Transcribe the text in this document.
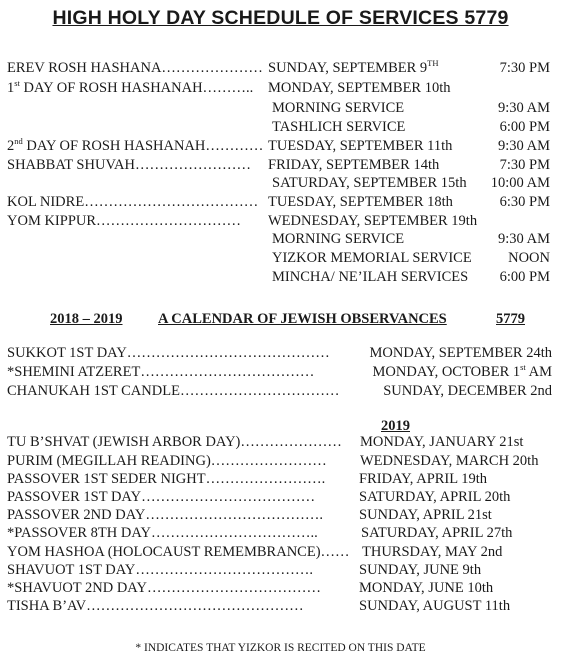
HIGH HOLY DAY SCHEDULE OF SERVICES 5779
EREV ROSH HASHANA………………… SUNDAY, SEPTEMBER 9TH	7:30 PM
1st DAY OF ROSH HASHANAH……….. MONDAY, SEPTEMBER 10th
MORNING SERVICE	9:30 AM
TASHLICH SERVICE	6:00 PM
2nd DAY OF ROSH HASHANAH………… TUESDAY, SEPTEMBER 11th	9:30 AM
SHABBAT SHUVAH…………………… FRIDAY, SEPTEMBER 14th	7:30 PM
SATURDAY, SEPTEMBER 15th 10:00 AM
KOL NIDRE……………………………… TUESDAY, SEPTEMBER 18th	6:30 PM
YOM KIPPUR………………………… WEDNESDAY, SEPTEMBER 19th
MORNING SERVICE	9:30 AM
YIZKOR MEMORIAL SERVICE	NOON
MINCHA/ NE’ILAH SERVICES 6:00 PM
2018 – 2019 A CALENDAR OF JEWISH OBSERVANCES	5779
SUKKOT 1ST DAY……………………………………	MONDAY, SEPTEMBER 24th
*SHEMINI ATZERET………………………………	MONDAY, OCTOBER 1st AM
CHANUKAH 1ST CANDLE……………………………	SUNDAY, DECEMBER 2nd
2019
TU B’SHVAT (JEWISH ARBOR DAY)………………… MONDAY, JANUARY 21st
PURIM (MEGILLAH READING)…………………… WEDNESDAY, MARCH 20th
PASSOVER 1ST SEDER NIGHT……………………. FRIDAY, APRIL 19th
PASSOVER 1ST DAY………………………………	SATURDAY, APRIL 20th
PASSOVER 2ND DAY………………………………. SUNDAY, APRIL 21st
*PASSOVER 8TH DAY……………………………..	SATURDAY, APRIL 27th
YOM HASHOA (HOLOCAUST REMEMBRANCE)…… THURSDAY, MAY 2nd
SHAVUOT 1ST DAY……………………………….	SUNDAY, JUNE 9th
*SHAVUOT 2ND DAY………………………………	MONDAY, JUNE 10th
TISHA B’AV………………………………………	SUNDAY, AUGUST 11th
* INDICATES THAT YIZKOR IS RECITED ON THIS DATE
